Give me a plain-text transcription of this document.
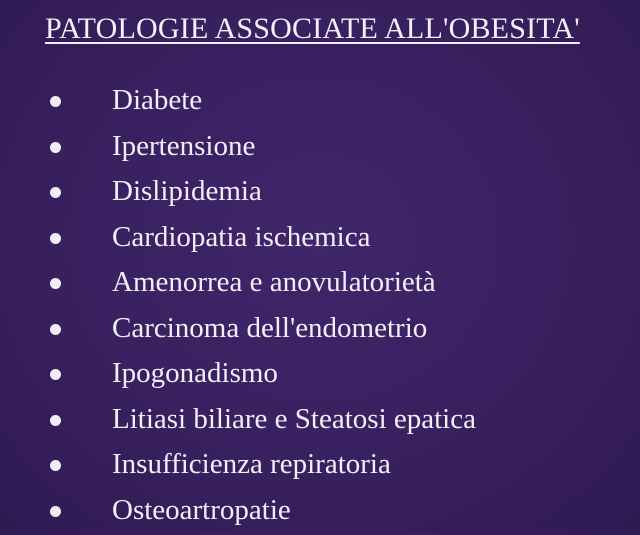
PATOLOGIE ASSOCIATE ALL'OBESITA'
Diabete
Ipertensione
Dislipidemia
Cardiopatia ischemica
Amenorrea e anovulatorietà
Carcinoma dell'endometrio
Ipogonadismo
Litiasi biliare e Steatosi epatica
Insufficienza repiratoria
Osteoartropatie
